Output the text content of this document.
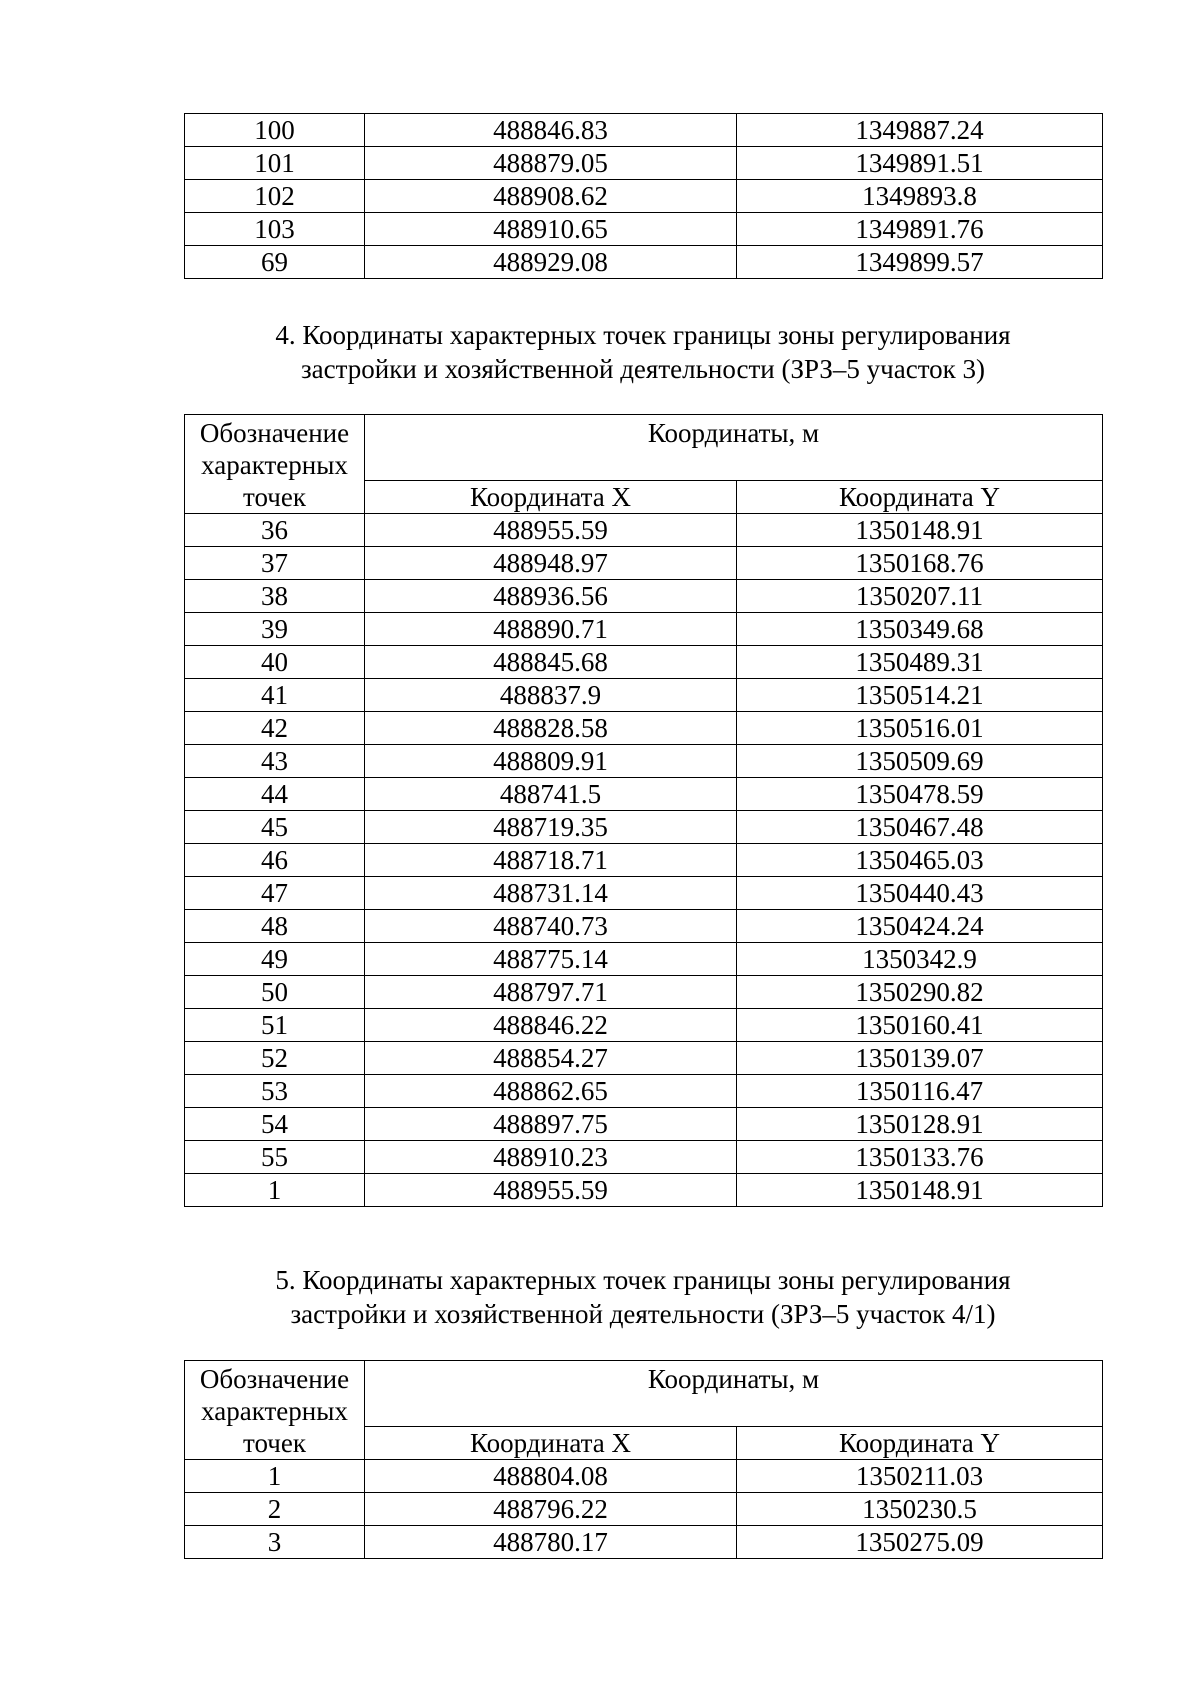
100	488846.83	1349887.24
101	488879.05	1349891.51
102	488908.62	1349893.8
103	488910.65	1349891.76
69	488929.08	1349899.57
4. Координаты характерных точек границы зоны регулирования
застройки и хозяйственной деятельности (ЗРЗ–5 участок 3)
Обозначение характерных точек	Координаты, м	
	Координата X	Координата Y
36	488955.59	1350148.91
37	488948.97	1350168.76
38	488936.56	1350207.11
39	488890.71	1350349.68
40	488845.68	1350489.31
41	488837.9	1350514.21
42	488828.58	1350516.01
43	488809.91	1350509.69
44	488741.5	1350478.59
45	488719.35	1350467.48
46	488718.71	1350465.03
47	488731.14	1350440.43
48	488740.73	1350424.24
49	488775.14	1350342.9
50	488797.71	1350290.82
51	488846.22	1350160.41
52	488854.27	1350139.07
53	488862.65	1350116.47
54	488897.75	1350128.91
55	488910.23	1350133.76
1	488955.59	1350148.91
5. Координаты характерных точек границы зоны регулирования
застройки и хозяйственной деятельности (ЗРЗ–5 участок 4/1)
Обозначение характерных точек	Координаты, м	
	Координата X	Координата Y
1	488804.08	1350211.03
2	488796.22	1350230.5
3	488780.17	1350275.09
